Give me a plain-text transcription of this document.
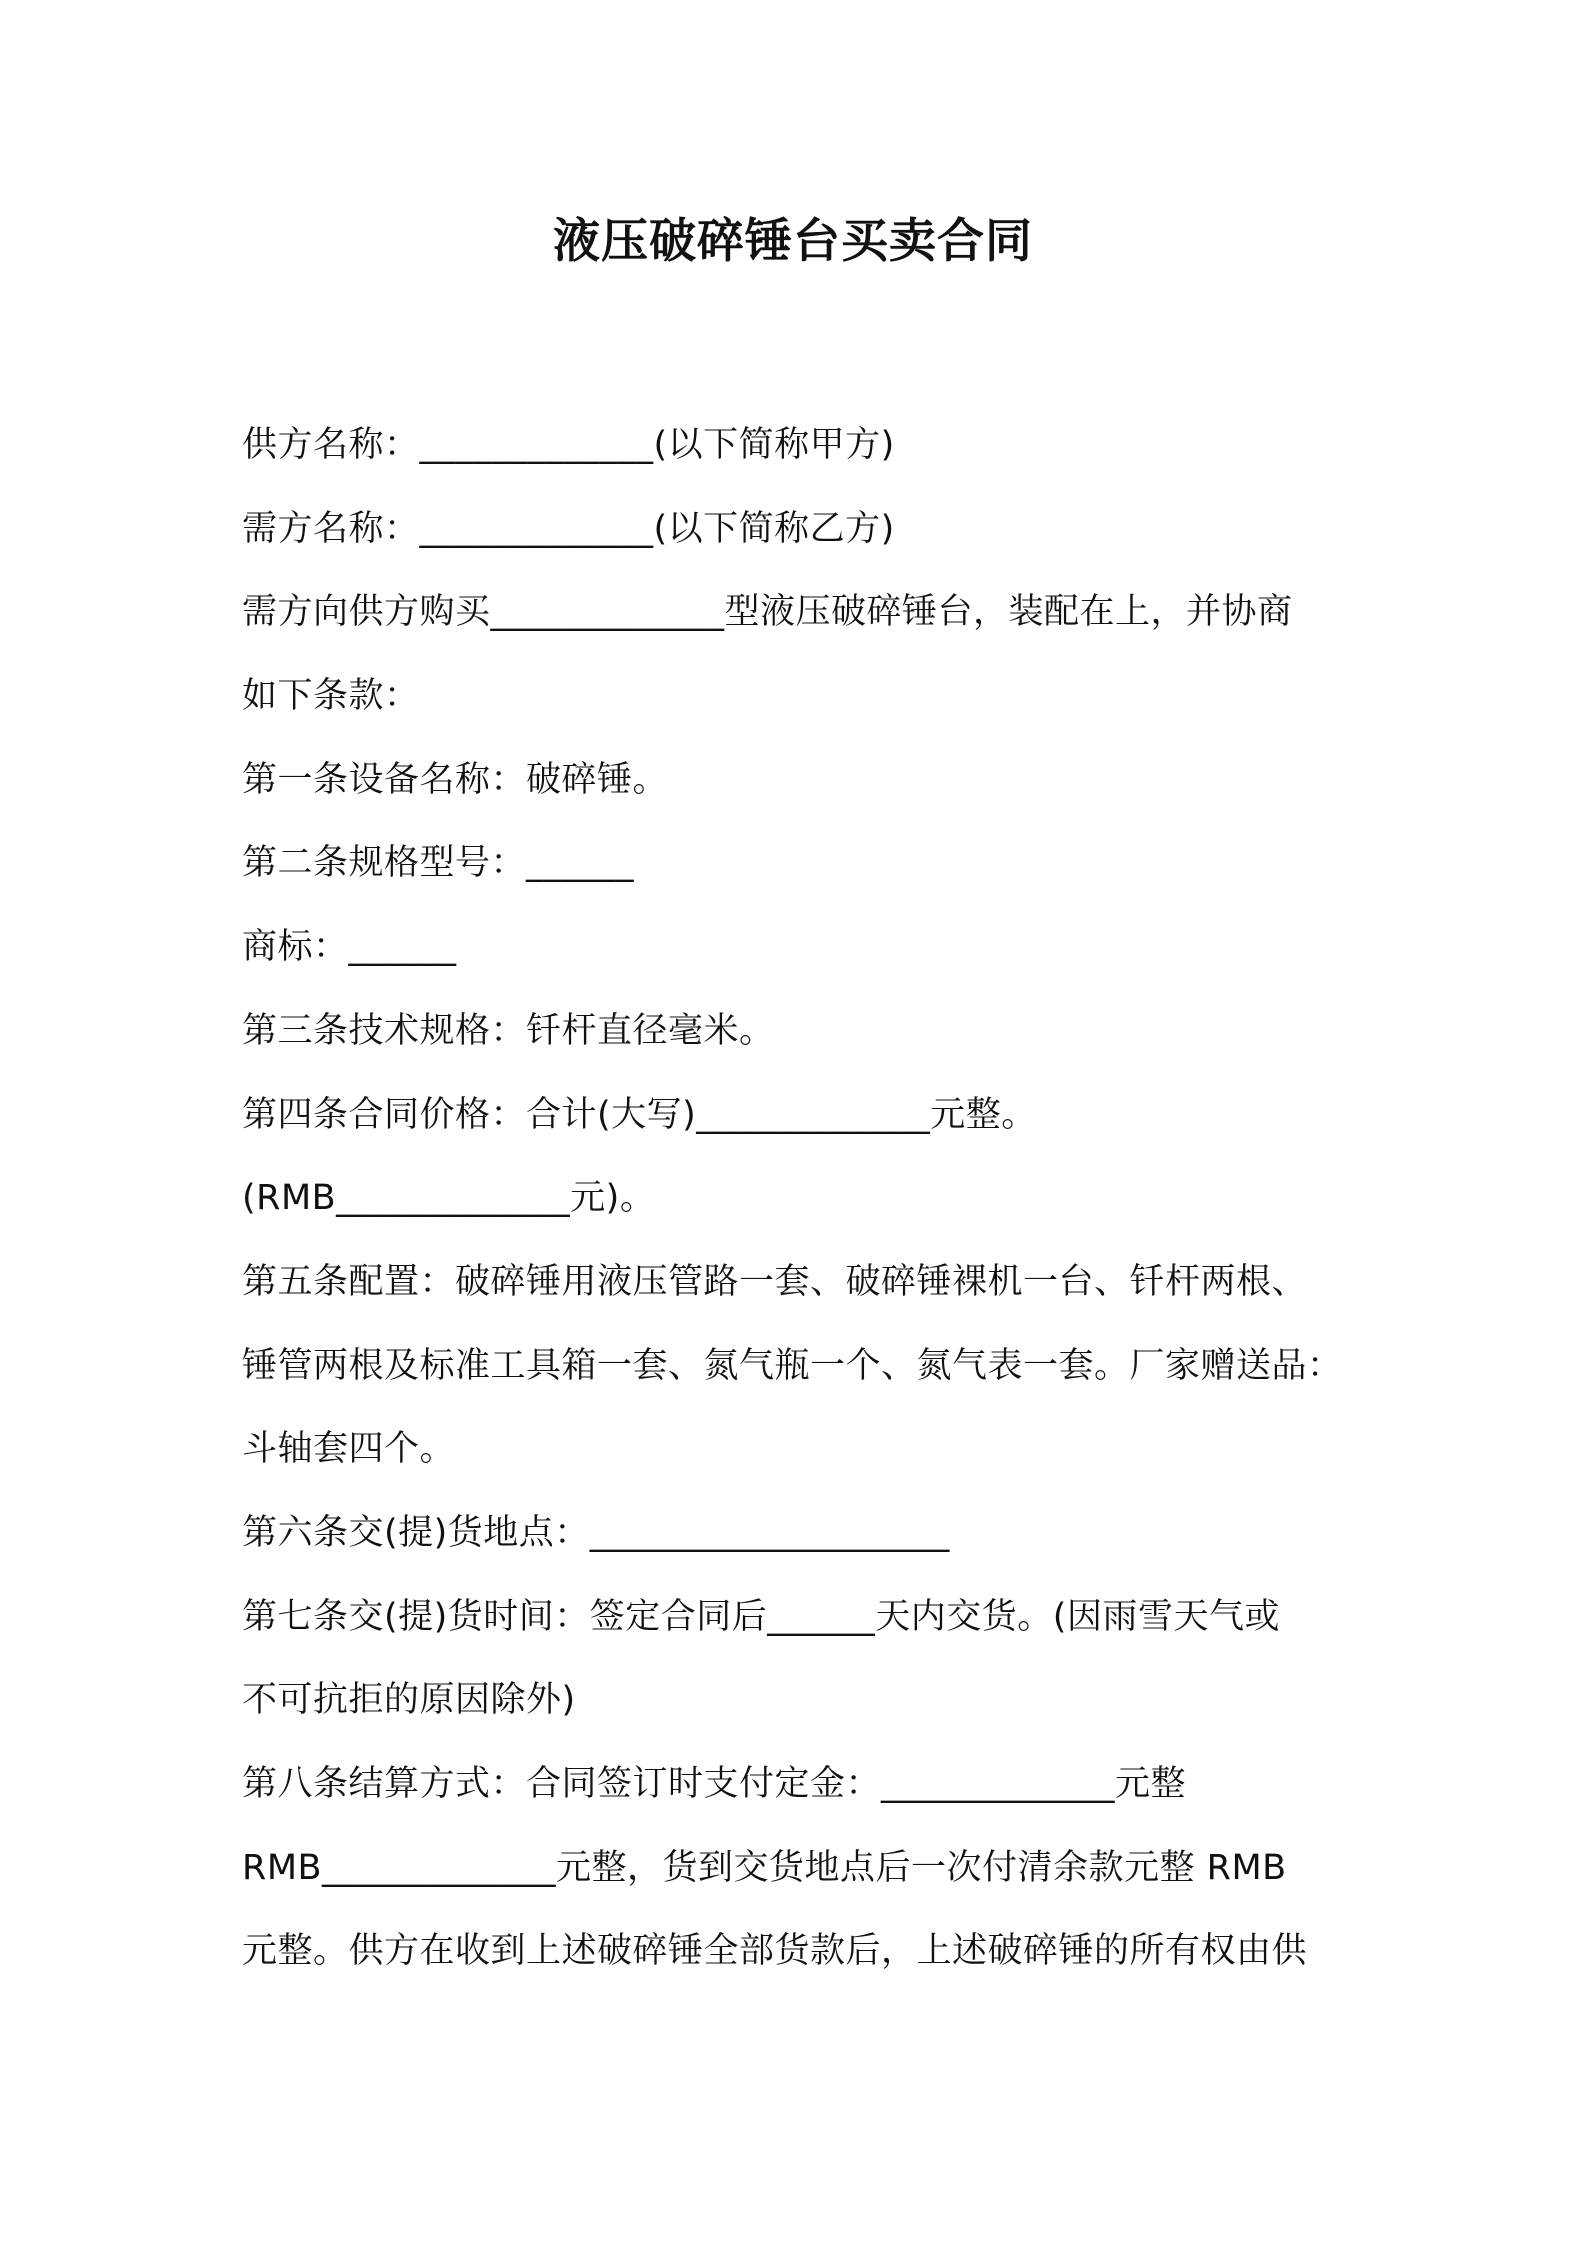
液压破碎锤台买卖合同
供方名称：_____________(以下简称甲方)
需方名称：_____________(以下简称乙方)
需方向供方购买_____________型液压破碎锤台，装配在上，并协商
如下条款：
第一条设备名称：破碎锤。
第二条规格型号：______
商标：______
第三条技术规格：钎杆直径毫米。
第四条合同价格：合计(大写)_____________元整。
(RMB_____________元)。
第五条配置：破碎锤用液压管路一套、破碎锤裸机一台、钎杆两根、
锤管两根及标准工具箱一套、氮气瓶一个、氮气表一套。厂家赠送品：
斗轴套四个。
第六条交(提)货地点：____________________
第七条交(提)货时间：签定合同后______天内交货。(因雨雪天气或
不可抗拒的原因除外)
第八条结算方式：合同签订时支付定金：_____________元整
RMB_____________元整，货到交货地点后一次付清余款元整 RMB
元整。供方在收到上述破碎锤全部货款后，上述破碎锤的所有权由供
